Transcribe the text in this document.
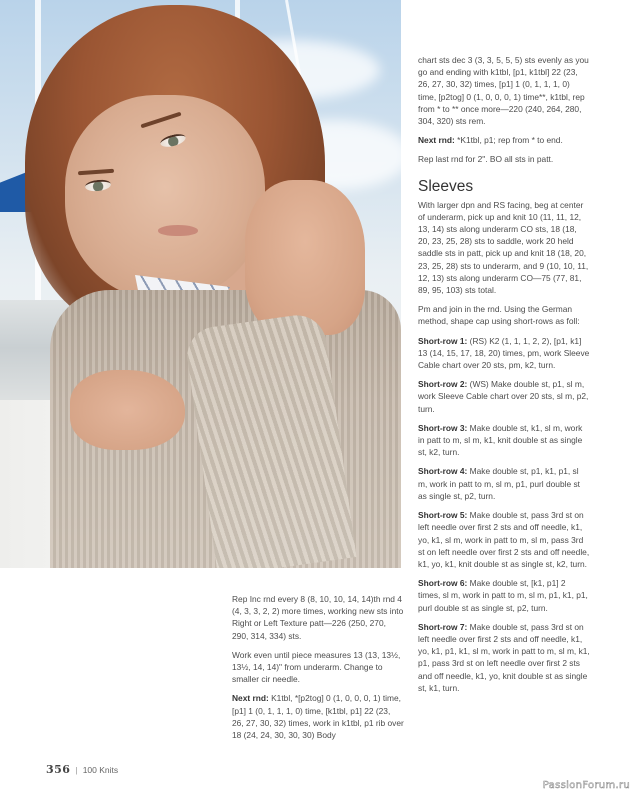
chart sts dec 3 (3, 3, 5, 5, 5) sts evenly as you go and ending with k1tbl, [p1, k1tbl] 22 (23, 26, 27, 30, 32) times, [p1] 1 (0, 1, 1, 1, 0) time, [p2tog] 0 (1, 0, 0, 0, 1) time**, k1tbl, rep from * to ** once more—220 (240, 264, 280, 304, 320) sts rem.

Next rnd: *K1tbl, p1; rep from * to end.

Rep last rnd for 2". BO all sts in patt.

Sleeves

With larger dpn and RS facing, beg at center of underarm, pick up and knit 10 (11, 11, 12, 13, 14) sts along underarm CO sts, 18 (18, 20, 23, 25, 28) sts to saddle, work 20 held saddle sts in patt, pick up and knit 18 (18, 20, 23, 25, 28) sts to underarm, and 9 (10, 10, 11, 12, 13) sts along underarm CO—75 (77, 81, 89, 95, 103) sts total.

Pm and join in the rnd. Using the German method, shape cap using short-rows as foll:

Short-row 1: (RS) K2 (1, 1, 1, 2, 2), [p1, k1] 13 (14, 15, 17, 18, 20) times, pm, work Sleeve Cable chart over 20 sts, pm, k2, turn.

Short-row 2: (WS) Make double st, p1, sl m, work Sleeve Cable chart over 20 sts, sl m, p2, turn.

Short-row 3: Make double st, k1, sl m, work in patt to m, sl m, k1, knit double st as single st, k2, turn.

Short-row 4: Make double st, p1, k1, p1, sl m, work in patt to m, sl m, p1, purl double st as single st, p2, turn.

Short-row 5: Make double st, pass 3rd st on left needle over first 2 sts and off needle, k1, yo, k1, sl m, work in patt to m, sl m, pass 3rd st on left needle over first 2 sts and off needle, k1, yo, k1, knit double st as single st, k2, turn.

Short-row 6: Make double st, [k1, p1] 2 times, sl m, work in patt to m, sl m, p1, k1, p1, purl double st as single st, p2, turn.

Short-row 7: Make double st, pass 3rd st on left needle over first 2 sts and off needle, k1, yo, k1, p1, k1, sl m, work in patt to m, sl m, k1, p1, pass 3rd st on left needle over first 2 sts and off needle, k1, yo, knit double st as single st, k1, turn.

Rep Inc rnd every 8 (8, 10, 10, 14, 14)th rnd 4 (4, 3, 3, 2, 2) more times, working new sts into Right or Left Texture patt—226 (250, 270, 290, 314, 334) sts.

Work even until piece measures 13 (13, 13½, 13½, 14, 14)" from underarm. Change to smaller cir needle.

Next rnd: K1tbl, *[p2tog] 0 (1, 0, 0, 0, 1) time, [p1] 1 (0, 1, 1, 1, 0) time, [k1tbl, p1] 22 (23, 26, 27, 30, 32) times, work in k1tbl, p1 rib over 18 (24, 24, 30, 30, 30) Body

356 | 100 Knits
PassionForum.ru
